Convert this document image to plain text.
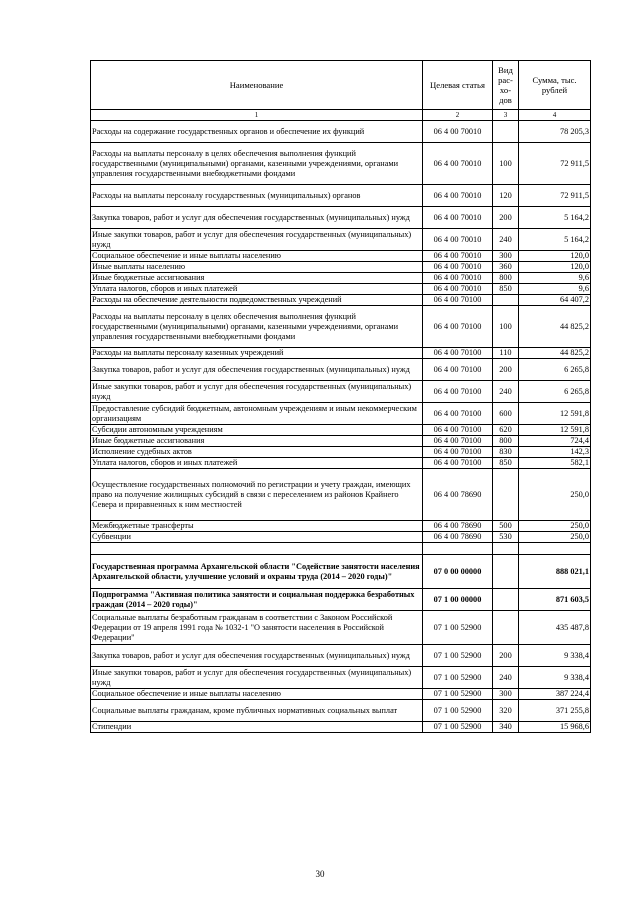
Наименование	Целевая статья	Вид рас-хо-дов	Сумма, тыс. рублей
1	2	3	4
Расходы на содержание государственных органов и обеспечение их функций	06 4 00 70010		78 205,3
Расходы на выплаты персоналу в целях обеспечения выполнения функций государственными (муниципальными) органами, казенными учреждениями, органами управления государственными внебюджетными фондами	06 4 00 70010	100	72 911,5
Расходы на выплаты персоналу государственных (муниципальных) органов	06 4 00 70010	120	72 911,5
Закупка товаров, работ и услуг для обеспечения государственных (муниципальных) нужд	06 4 00 70010	200	5 164,2
Иные закупки товаров, работ и услуг для обеспечения государственных (муниципальных) нужд	06 4 00 70010	240	5 164,2
Социальное обеспечение и иные выплаты населению	06 4 00 70010	300	120,0
Иные выплаты населению	06 4 00 70010	360	120,0
Иные бюджетные ассигнования	06 4 00 70010	800	9,6
Уплата налогов, сборов и иных платежей	06 4 00 70010	850	9,6
Расходы на обеспечение деятельности подведомственных учреждений	06 4 00 70100		64 407,2
Расходы на выплаты персоналу в целях обеспечения выполнения функций государственными (муниципальными) органами, казенными учреждениями, органами управления государственными внебюджетными фондами	06 4 00 70100	100	44 825,2
Расходы на выплаты персоналу казенных учреждений	06 4 00 70100	110	44 825,2
Закупка товаров, работ и услуг для обеспечения государственных (муниципальных) нужд	06 4 00 70100	200	6 265,8
Иные закупки товаров, работ и услуг для обеспечения государственных (муниципальных) нужд	06 4 00 70100	240	6 265,8
Предоставление субсидий бюджетным, автономным учреждениям и иным некоммерческим организациям	06 4 00 70100	600	12 591,8
Субсидии автономным учреждениям	06 4 00 70100	620	12 591,8
Иные бюджетные ассигнования	06 4 00 70100	800	724,4
Исполнение судебных актов	06 4 00 70100	830	142,3
Уплата налогов, сборов и иных платежей	06 4 00 70100	850	582,1
Осуществление государственных полномочий по регистрации и учету граждан, имеющих право на получение жилищных субсидий в связи с переселением из районов Крайнего Севера и приравненных к ним местностей	06 4 00 78690		250,0
Межбюджетные трансферты	06 4 00 78690	500	250,0
Субвенции	06 4 00 78690	530	250,0

Государственная программа Архангельской области "Содействие занятости населения Архангельской области, улучшение условий и охраны труда (2014 – 2020 годы)"	07 0 00 00000		888 021,1
Подпрограмма "Активная политика занятости и социальная поддержка безработных граждан (2014 – 2020 годы)"	07 1 00 00000		871 603,5
Социальные выплаты безработным гражданам в соответствии с Законом Российской Федерации от 19 апреля 1991 года № 1032-1 "О занятости населения в Российской Федерации"	07 1 00 52900		435 487,8
Закупка товаров, работ и услуг для обеспечения государственных (муниципальных) нужд	07 1 00 52900	200	9 338,4
Иные закупки товаров, работ и услуг для обеспечения государственных (муниципальных) нужд	07 1 00 52900	240	9 338,4
Социальное обеспечение и иные выплаты населению	07 1 00 52900	300	387 224,4
Социальные выплаты гражданам, кроме публичных нормативных социальных выплат	07 1 00 52900	320	371 255,8
Стипендии	07 1 00 52900	340	15 968,6
30
